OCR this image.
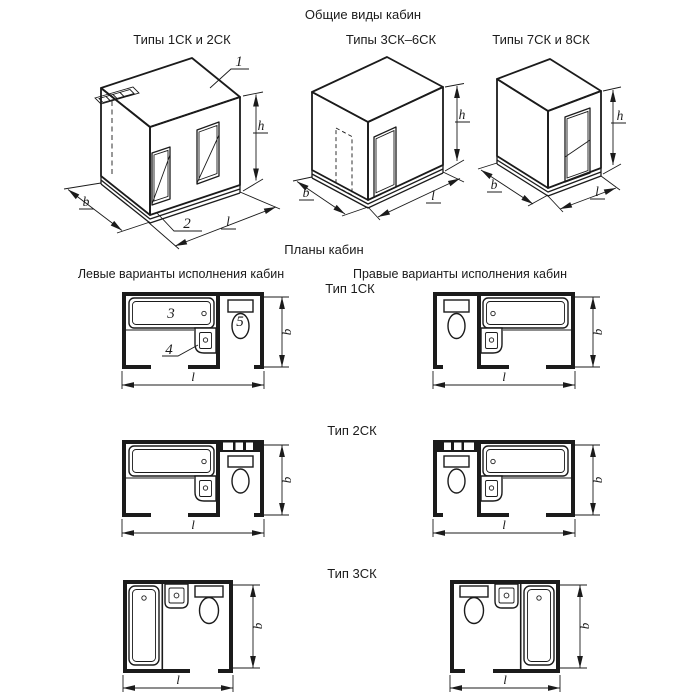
Общие виды кабин
Типы 1СК и 2СК	Типы 3СК–6СК	Типы 7СК и 8СК
Планы кабин
Левые варианты исполнения кабин	Правые варианты исполнения кабин
Тип 1СК
Тип 2СК
Тип 3СК
b
l
h
1
2
b	l
h
b	l
h
b
l
b
l
3
4
5
b
l
b
l
b
l
b
l
